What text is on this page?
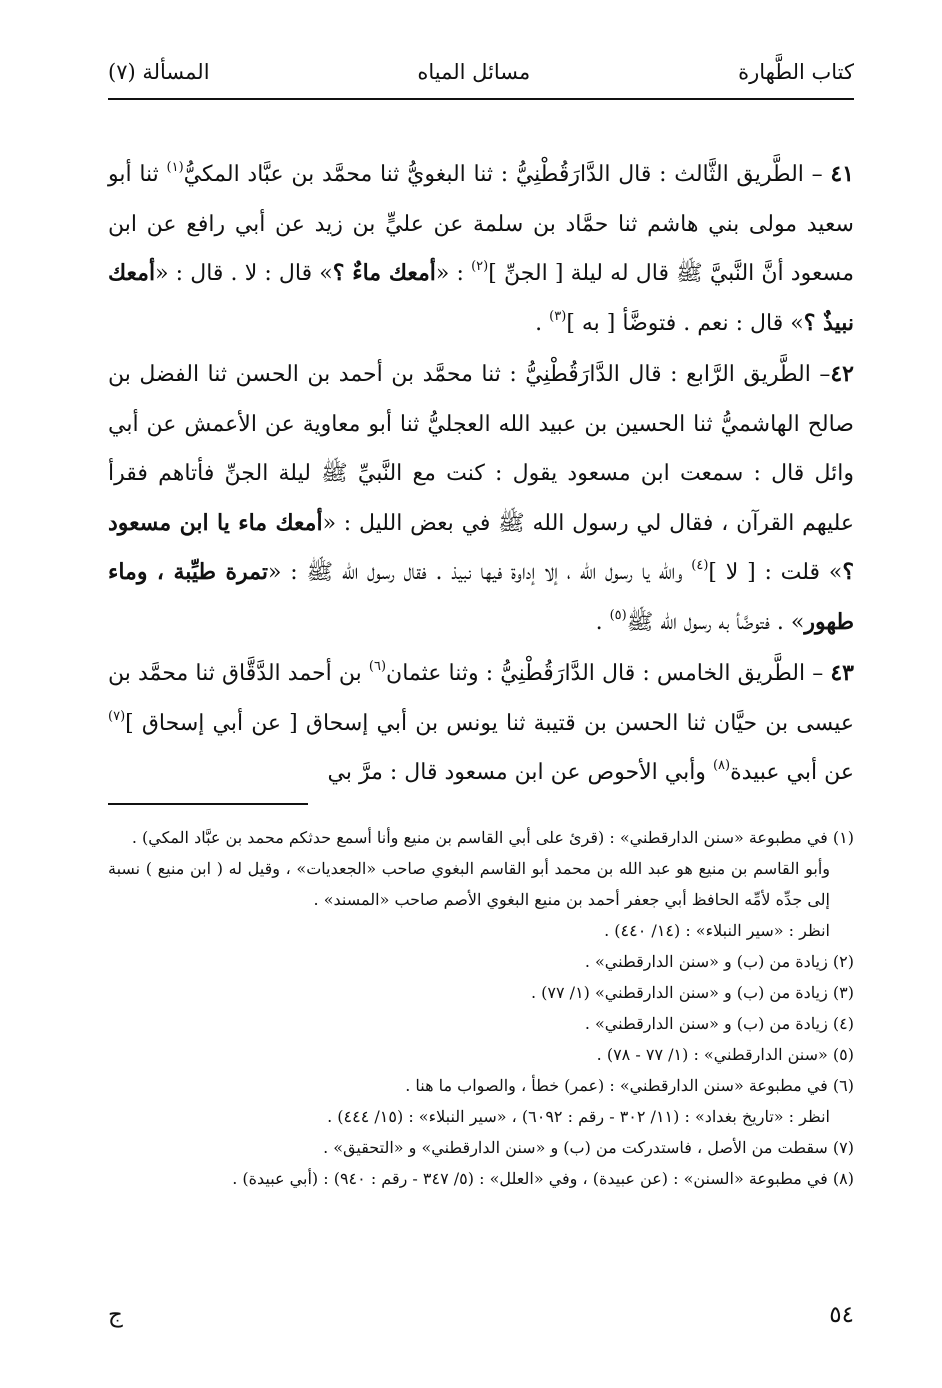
كتاب الطَّهارة
مسائل المياه
المسألة (٧)

٤١ – الطَّريق الثَّالث : قال الدَّارَقُطْنِيُّ : ثنا البغويُّ ثنا محمَّد بن عبَّاد المكيُّ$^{(١)}$ ثنا أبو سعيد مولى بني هاشم ثنا حمَّاد بن سلمة عن عليٍّ بن زيد عن أبي رافع عن ابن مسعود أنَّ النَّبيَّ ﷺ قال له ليلة [ الجنِّ ]$^{(٢)}$ : «أمعك ماءٌ ؟» قال : لا . قال : «أمعك نبيذٌ ؟» قال : نعم . فتوضَّأ [ به ]$^{(٣)}$ .

٤٢– الطَّريق الرَّابع : قال الدَّارَقُطْنِيُّ : ثنا محمَّد بن أحمد بن الحسن ثنا الفضل بن صالح الهاشميُّ ثنا الحسين بن عبيد الله العجليُّ ثنا أبو معاوية عن الأعمش عن أبي وائل قال : سمعت ابن مسعود يقول : كنت مع النَّبيِّ ﷺ ليلة الجنِّ فأتاهم فقرأ عليهم القرآن ، فقال لي رسول الله ﷺ في بعض الليل : «أمعك ماء يا ابن مسعود ؟» قلت : [ لا ]$^{(٤)}$ والله يا رسول الله ، إلا إداوة فيها نبيذ . فقال رسول الله ﷺ : «تمرة طيِّبة ، وماء طهور» . فتوضَّأ به رسول الله ﷺ$^{(٥)}$ .

٤٣ – الطَّريق الخامس : قال الدَّارَقُطْنِيُّ : وثنا عثمان$^{(٦)}$ بن أحمد الدَّقَّاق ثنا محمَّد بن عيسى بن حيَّان ثنا الحسن بن قتيبة ثنا يونس بن أبي إسحاق [ عن أبي إسحاق ]$^{(٧)}$ عن أبي عبيدة$^{(٨)}$ وأبي الأحوص عن ابن مسعود قال : مرَّ بي

(١) في مطبوعة «سنن الدارقطني» : (قرئ على أبي القاسم بن منيع وأنا أسمع حدثكم محمد بن عبَّاد المكي) .

وأبو القاسم بن منيع هو عبد الله بن محمد أبو القاسم البغوي صاحب «الجعديات» ، وقيل له ( ابن منيع ) نسبة إلى جدِّه لأمِّه الحافظ أبي جعفر أحمد بن منيع البغوي الأصم صاحب «المسند» .

انظر : «سير النبلاء» : (١٤/ ٤٤٠) .

(٢) زيادة من (ب) و «سنن الدارقطني» .

(٣) زيادة من (ب) و «سنن الدارقطني» (١/ ٧٧) .

(٤) زيادة من (ب) و «سنن الدارقطني» .

(٥) «سنن الدارقطني» : (١/ ٧٧ - ٧٨) .

(٦) في مطبوعة «سنن الدارقطني» : (عمر) خطأ ، والصواب ما هنا .

انظر : «تاريخ بغداد» : (١١/ ٣٠٢ - رقم : ٦٠٩٢) ، «سير النبلاء» : (١٥/ ٤٤٤) .

(٧) سقطت من الأصل ، فاستدركت من (ب) و «سنن الدارقطني» و «التحقيق» .

(٨) في مطبوعة «السنن» : (عن عبيدة) ، وفي «العلل» : (٥/ ٣٤٧ - رقم : ٩٤٠) : (أبي عبيدة) .

٥٤
ج
